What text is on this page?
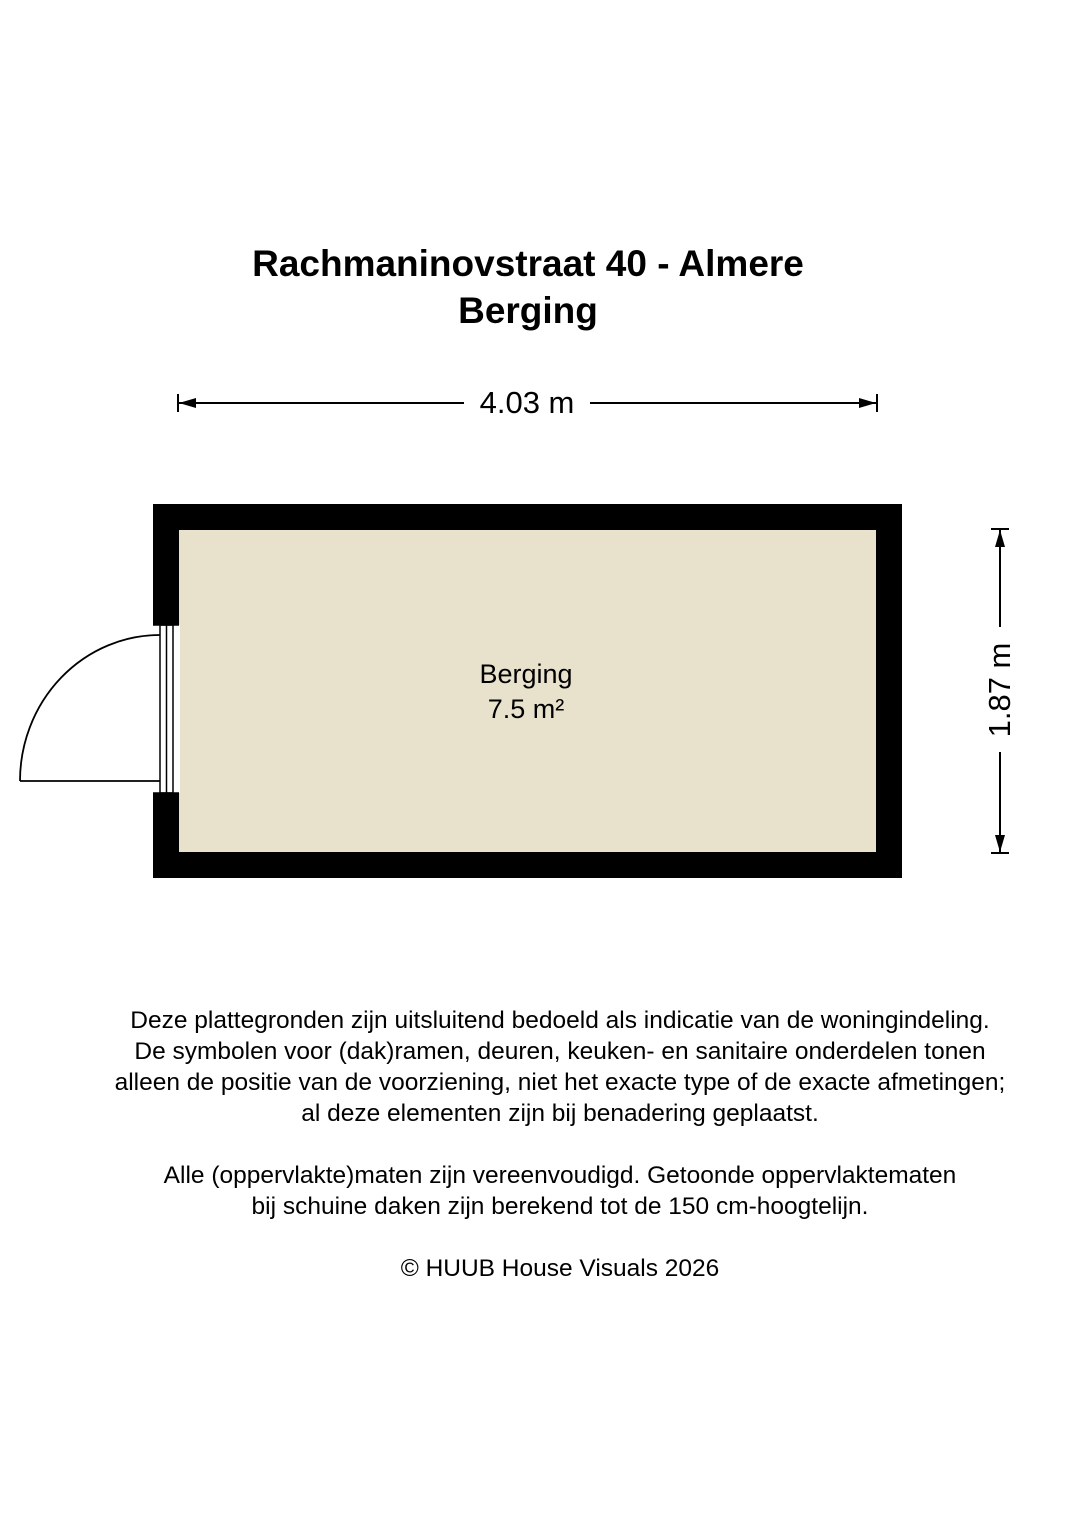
Rachmaninovstraat 40 - Almere
Berging
4.03 m
1.87 m
Berging
7.5 m²
Deze plattegronden zijn uitsluitend bedoeld als indicatie van de woningindeling.
De symbolen voor (dak)ramen, deuren, keuken- en sanitaire onderdelen tonen
alleen de positie van de voorziening, niet het exacte type of de exacte afmetingen;
al deze elementen zijn bij benadering geplaatst.
Alle (oppervlakte)maten zijn vereenvoudigd. Getoonde oppervlaktematen
bij schuine daken zijn berekend tot de 150 cm-hoogtelijn.
© HUUB House Visuals 2026
